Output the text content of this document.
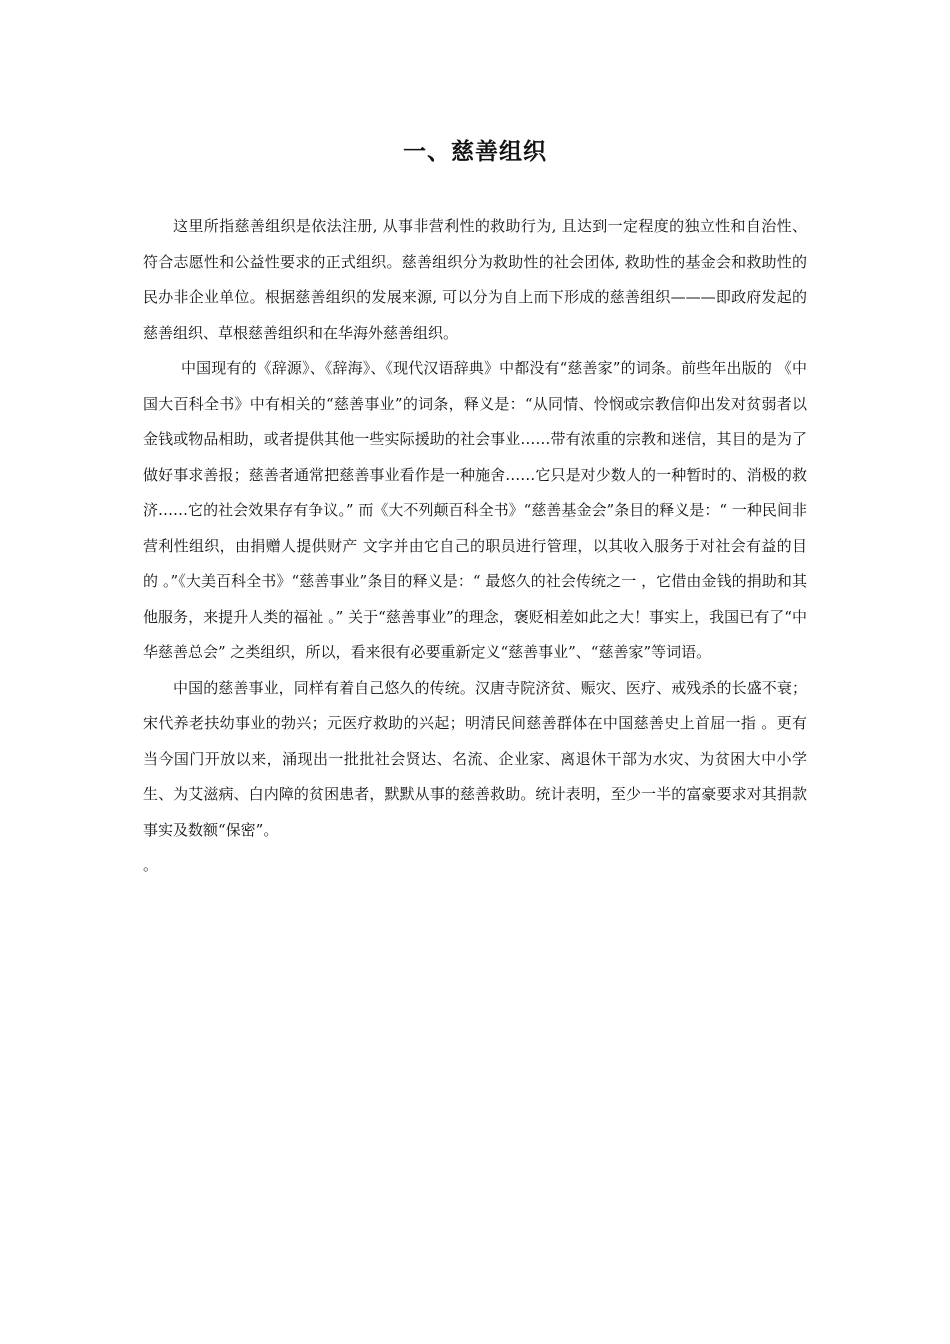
一、慈善组织

这里所指慈善组织是依法注册, 从事非营利性的救助行为, 且达到一定程度的独立性和自治性、符合志愿性和公益性要求的正式组织。慈善组织分为救助性的社会团体, 救助性的基金会和救助性的民办非企业单位。根据慈善组织的发展来源, 可以分为自上而下形成的慈善组织———即政府发起的慈善组织、草根慈善组织和在华海外慈善组织。

中国现有的《辞源》、《辞海》、《现代汉语辞典》中都没有“慈善家”的词条。前些年出版的 《中国大百科全书》中有相关的“慈善事业”的词条，释义是：“从同情、怜悯或宗教信仰出发对贫弱者以金钱或物品相助，或者提供其他一些实际援助的社会事业……带有浓重的宗教和迷信，其目的是为了做好事求善报；慈善者通常把慈善事业看作是一种施舍……它只是对少数人的一种暂时的、消极的救济……它的社会效果存有争议。” 而《大不列颠百科全书》“慈善基金会”条目的释义是：“ 一种民间非营利性组织，由捐赠人提供财产 文字并由它自己的职员进行管理，以其收入服务于对社会有益的目的 。”《大美百科全书》“慈善事业”条目的释义是：“ 最悠久的社会传统之一 ，它借由金钱的捐助和其他服务，来提升人类的福祉 。” 关于“慈善事业”的理念，褒贬相差如此之大！事实上，我国已有了“中华慈善总会” 之类组织，所以，看来很有必要重新定义“慈善事业”、“慈善家”等词语。

中国的慈善事业，同样有着自己悠久的传统。汉唐寺院济贫、赈灾、医疗、戒残杀的长盛不衰；宋代养老扶幼事业的勃兴；元医疗救助的兴起；明清民间慈善群体在中国慈善史上首屈一指 。更有当今国门开放以来，涌现出一批批社会贤达、名流、企业家、离退休干部为水灾、为贫困大中小学生、为艾滋病、白内障的贫困患者，默默从事的慈善救助。统计表明，至少一半的富豪要求对其捐款事实及数额“保密”。

。
